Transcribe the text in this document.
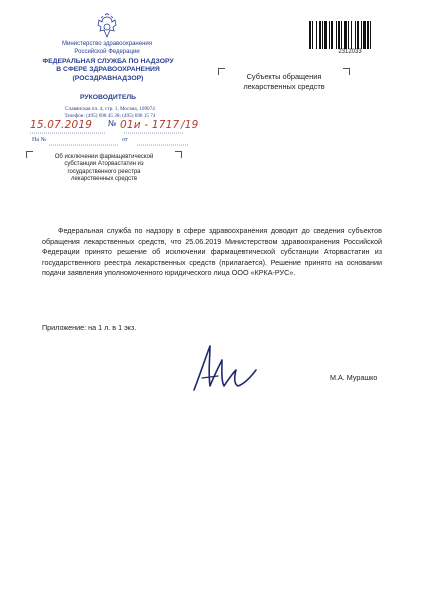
Министерство здравоохранения
Российской Федерации
ФЕДЕРАЛЬНАЯ СЛУЖБА ПО НАДЗОРУ
В СФЕРЕ ЗДРАВООХРАНЕНИЯ
(РОСЗДРАВНАДЗОР)
РУКОВОДИТЕЛЬ
Славянская пл. 4, стр. 1, Москва, 109074
Телефон: (495) 698 45 38; (495) 698 15 74
15.07.2019 № 01и - 1717 /19
На №	от
Об исключении фармацевтической
субстанции Аторвастатин из
государственного реестра
лекарственных средств
Субъекты обращения
лекарственных средств
2312033
Федеральная служба по надзору в сфере здравоохранения доводит до сведения субъектов обращения лекарственных средств, что 25.06.2019 Министерством здравоохранения Российской Федерации принято решение об исключении фармацевтической субстанции Аторвастатин из государственного реестра лекарственных средств (прилагается). Решение принято на основании подачи заявления уполномоченного юридического лица ООО «КРКА-РУС».
Приложение: на 1 л. в 1 экз.
М.А. Мурашко
